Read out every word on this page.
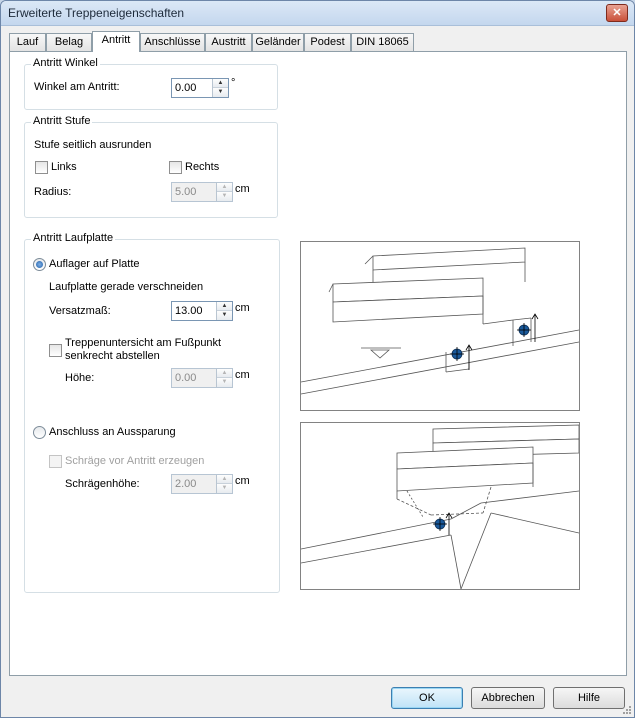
Erweiterte Treppeneigenschaften	✕
Lauf	Belag	Antritt	Anschlüsse Austritt Geländer Podest	DIN 18065
Antritt Winkel
Winkel am Antritt:
0.00	▲
▼
°
Antritt Stufe
Stufe seitlich ausrunden
Links	Rechts
Radius:
5.00	▲
▼
cm
Antritt Laufplatte
Auflager auf Platte
Laufplatte gerade verschneiden
Versatzmaß:
13.00	▲
▼
cm
Treppenuntersicht am Fußpunkt
senkrecht abstellen
Höhe:
0.00	▲
▼
cm
Anschluss an Aussparung
Schräge vor Antritt erzeugen
Schrägenhöhe:
2.00	▲
▼
cm
OK	Abbrechen	Hilfe
